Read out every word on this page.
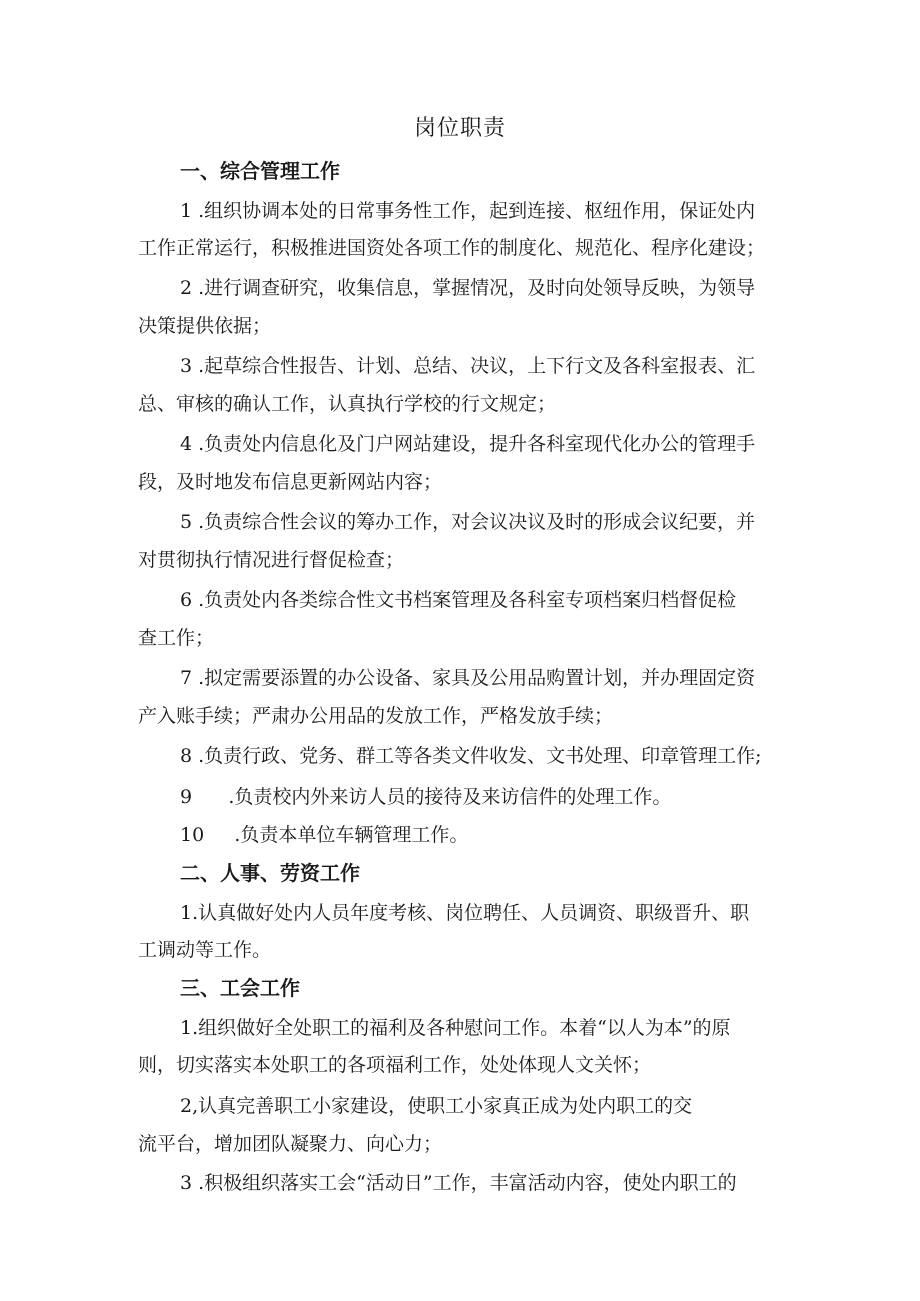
岗位职责
一、综合管理工作
1 .组织协调本处的日常事务性工作，起到连接、枢纽作用，保证处内
工作正常运行，积极推进国资处各项工作的制度化、规范化、程序化建设；
2 .进行调查研究，收集信息，掌握情况，及时向处领导反映，为领导
决策提供依据；
3 .起草综合性报告、计划、总结、决议，上下行文及各科室报表、汇
总、审核的确认工作，认真执行学校的行文规定；
4 .负责处内信息化及门户网站建设，提升各科室现代化办公的管理手
段，及时地发布信息更新网站内容；
5 .负责综合性会议的筹办工作，对会议决议及时的形成会议纪要，并
对贯彻执行情况进行督促检查；
6 .负责处内各类综合性文书档案管理及各科室专项档案归档督促检
查工作；
7 .拟定需要添置的办公设备、家具及公用品购置计划，并办理固定资
产入账手续；严肃办公用品的发放工作，严格发放手续；
8 .负责行政、党务、群工等各类文件收发、文书处理、印章管理工作;
9      .负责校内外来访人员的接待及来访信件的处理工作。
10     .负责本单位车辆管理工作。
二、人事、劳资工作
1.认真做好处内人员年度考核、岗位聘任、人员调资、职级晋升、职
工调动等工作。
三、工会工作
1.组织做好全处职工的福利及各种慰问工作。本着“以人为本”的原
则，切实落实本处职工的各项福利工作，处处体现人文关怀；
2,认真完善职工小家建设，使职工小家真正成为处内职工的交
流平台，增加团队凝聚力、向心力；
3 .积极组织落实工会“活动日”工作，丰富活动内容，使处内职工的
